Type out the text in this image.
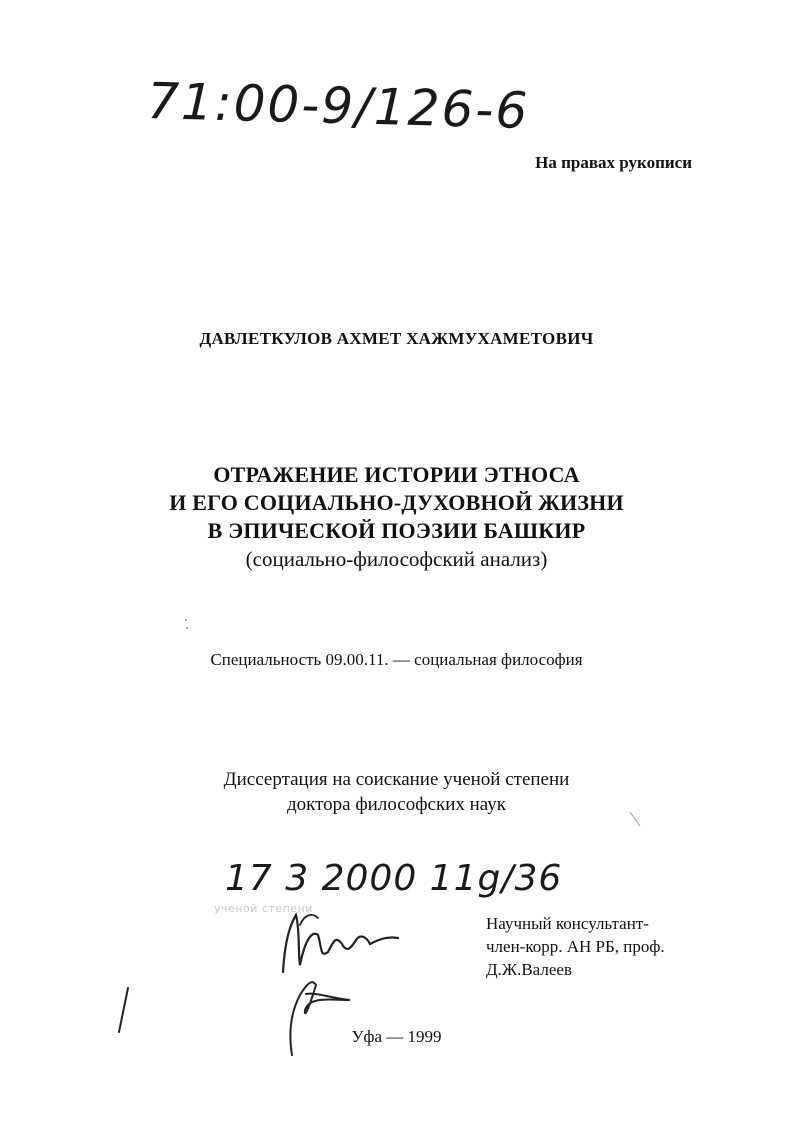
71:00-9/126-6
На правах рукописи
ДАВЛЕТКУЛОВ АХМЕТ ХАЖМУХАМЕТОВИЧ
ОТРАЖЕНИЕ ИСТОРИИ ЭТНОСА
И ЕГО СОЦИАЛЬНО-ДУХОВНОЙ ЖИЗНИ
В ЭПИЧЕСКОЙ ПОЭЗИИ БАШКИР
(социально-философский анализ)
Специальность 09.00.11. — социальная философия
Диссертация на соискание ученой степени
доктора философских наук
17 3 2000 11g/36
ученой степени
Научный консультант-
член-корр. АН РБ, проф.
Д.Ж.Валеев
Уфа — 1999
